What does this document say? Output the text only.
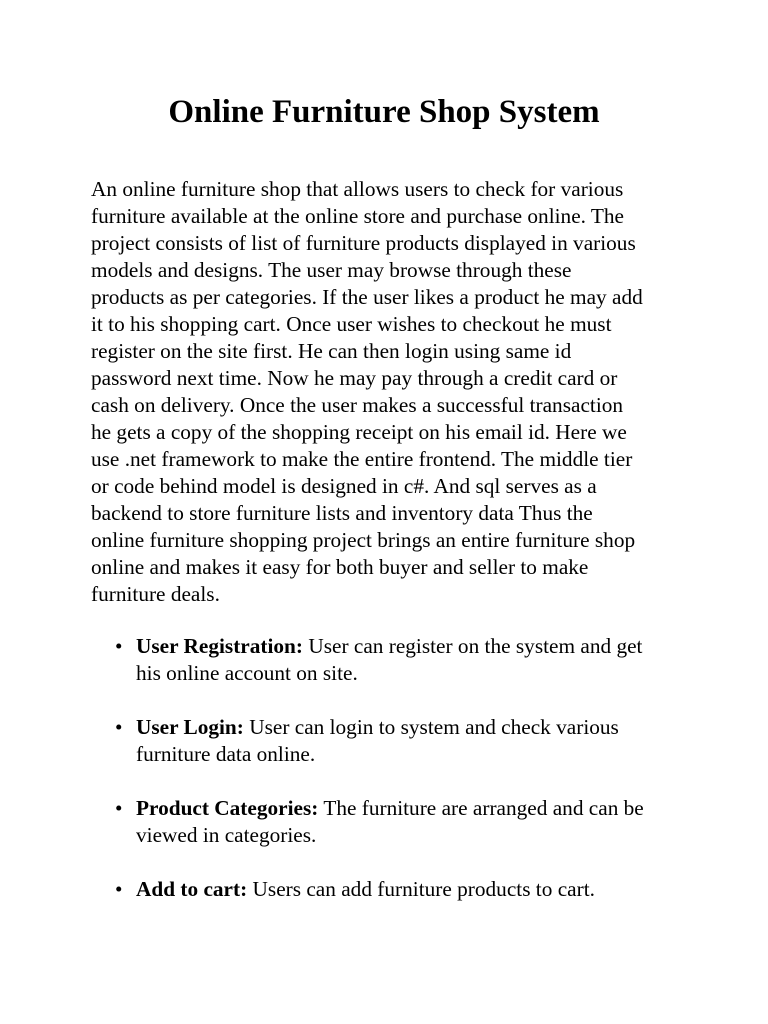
Online Furniture Shop System

An online furniture shop that allows users to check for various
furniture available at the online store and purchase online. The
project consists of list of furniture products displayed in various
models and designs. The user may browse through these
products as per categories. If the user likes a product he may add
it to his shopping cart. Once user wishes to checkout he must
register on the site first. He can then login using same id
password next time. Now he may pay through a credit card or
cash on delivery. Once the user makes a successful transaction
he gets a copy of the shopping receipt on his email id. Here we
use .net framework to make the entire frontend. The middle tier
or code behind model is designed in c#. And sql serves as a
backend to store furniture lists and inventory data Thus the
online furniture shopping project brings an entire furniture shop
online and makes it easy for both buyer and seller to make
furniture deals.

• User Registration: User can register on the system and get
his online account on site.
• User Login: User can login to system and check various
furniture data online.
• Product Categories: The furniture are arranged and can be
viewed in categories.
• Add to cart: Users can add furniture products to cart.
